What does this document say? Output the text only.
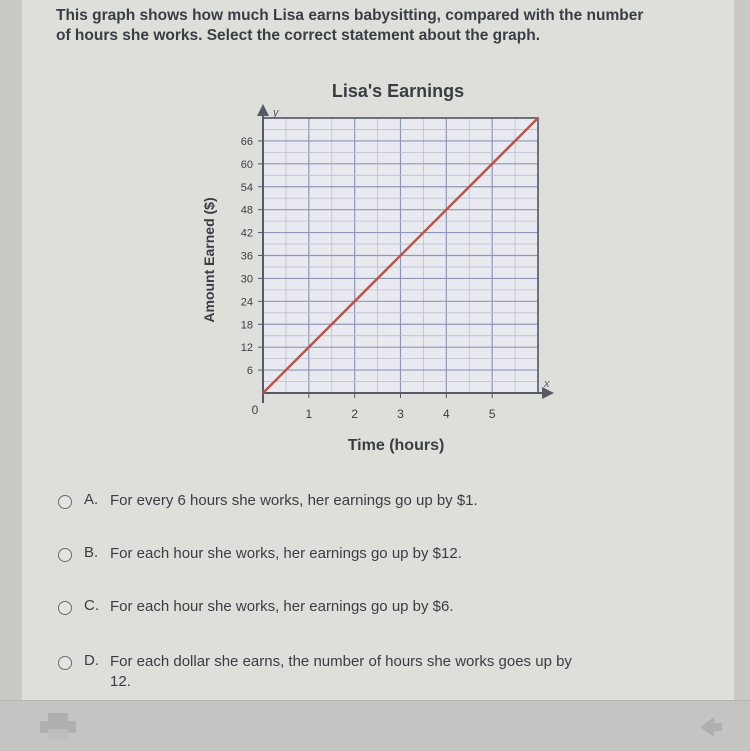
This graph shows how much Lisa earns babysitting, compared with the number
of hours she works. Select the correct statement about the graph.
Lisa's Earnings
Amount Earned ($)
Time (hours)
y
x
0	1	2	3	4	5
6
12
18
24
30
36
42
48
54
60
66
A. For every 6 hours she works, her earnings go up by $1.
B. For each hour she works, her earnings go up by $12.
C. For each hour she works, her earnings go up by $6.
D. For each dollar she earns, the number of hours she works goes up by
12.
